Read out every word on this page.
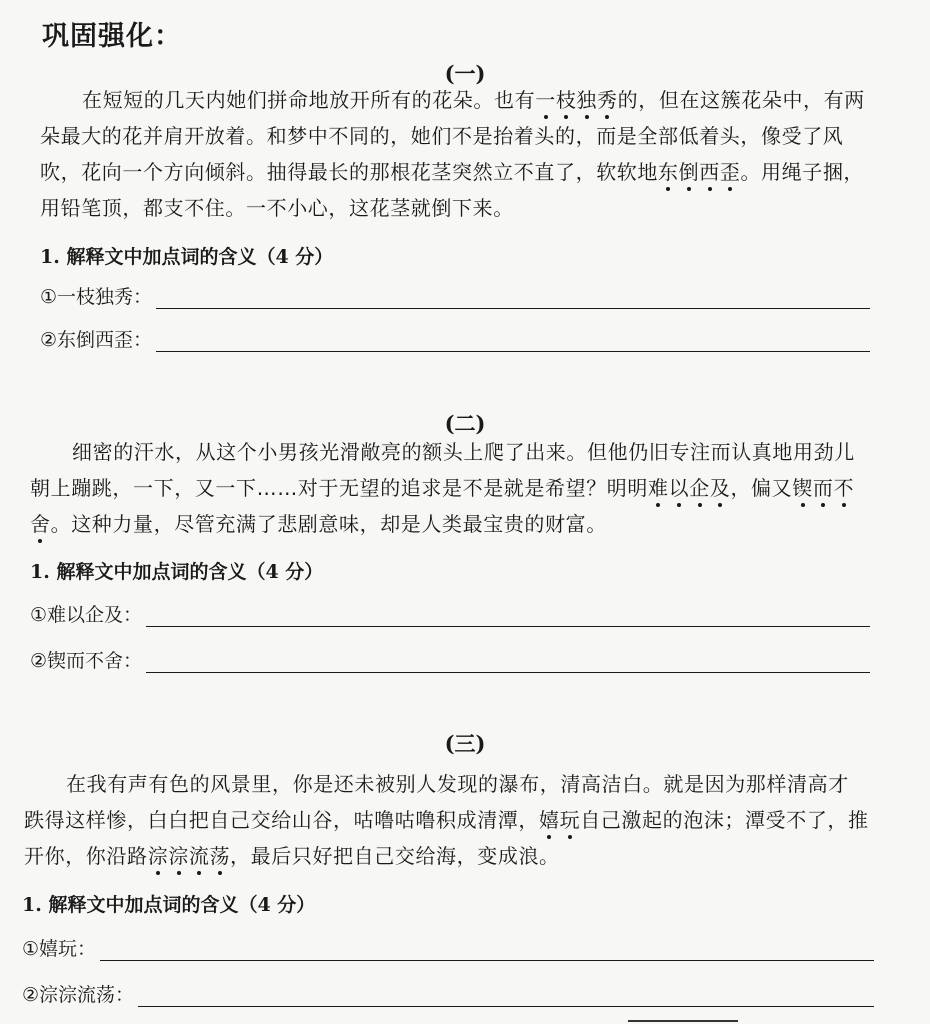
巩固强化：
(一)
在短短的几天内她们拼命地放开所有的花朵。也有一枝独秀的，但在这簇花朵中，有两朵最大的花并肩开放着。和梦中不同的，她们不是抬着头的，而是全部低着头，像受了风吹，花向一个方向倾斜。抽得最长的那根花茎突然立不直了，软软地东倒西歪。用绳子捆，用铅笔顶，都支不住。一不小心，这花茎就倒下来。
1. 解释文中加点词的含义（4 分）
①一枝独秀：
②东倒西歪：
(二)
细密的汗水，从这个小男孩光滑敞亮的额头上爬了出来。但他仍旧专注而认真地用劲儿朝上蹦跳，一下，又一下……对于无望的追求是不是就是希望？明明难以企及，偏又锲而不舍。这种力量，尽管充满了悲剧意味，却是人类最宝贵的财富。
1. 解释文中加点词的含义（4 分）
①难以企及：
②锲而不舍：
(三)
在我有声有色的风景里，你是还未被别人发现的瀑布，清高洁白。就是因为那样清高才跌得这样惨，白白把自己交给山谷，咕噜咕噜积成清潭，嬉玩自己激起的泡沫；潭受不了，推开你，你沿路淙淙流荡，最后只好把自己交给海，变成浪。
1. 解释文中加点词的含义（4 分）
①嬉玩：
②淙淙流荡：
